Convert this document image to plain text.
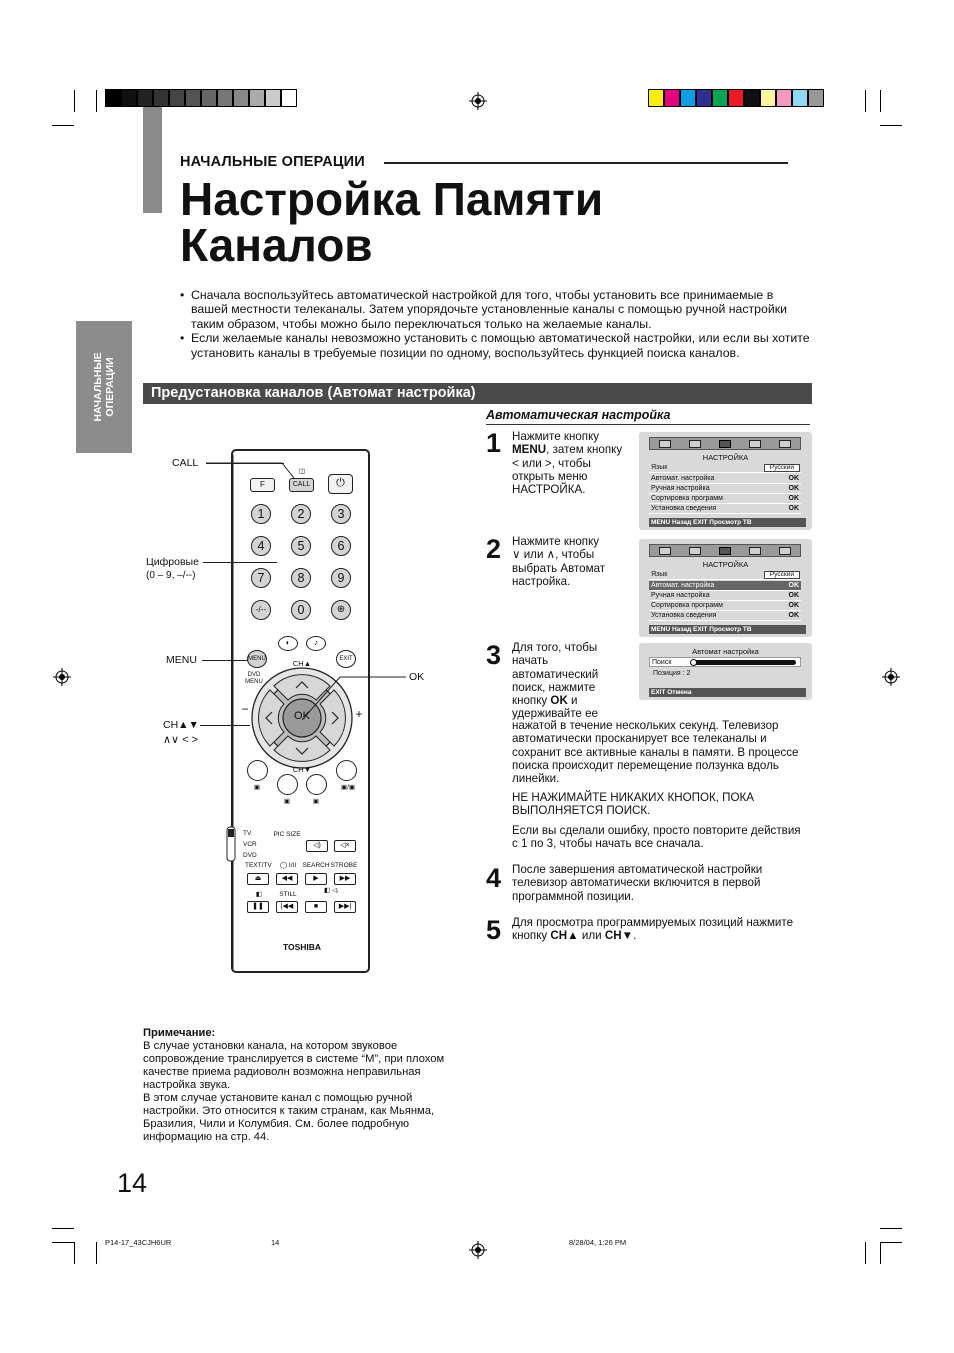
НАЧАЛЬНЫЕ ОПЕРАЦИИ
Настройка Памяти
Каналов
НАЧАЛЬНЫЕ ОПЕРАЦИИ
• Сначала воспользуйтесь автоматической настройкой для того, чтобы установить все принимаемые в вашей местности телеканалы. Затем упорядочьте установленные каналы с помощью ручной настройки таким образом, чтобы можно было переключаться только на желаемые каналы.
• Если желаемые каналы невозможно установить с помощью автоматической настройки, или если вы хотите установить каналы в требуемые позиции по одному, воспользуйтесь функцией поиска каналов.
Предустановка каналов (Автомат настройка)
Автоматическая настройка
1 Нажмите кнопку
MENU, затем кнопку
< или >, чтобы
открыть меню
НАСТРОЙКА.
2 Нажмите кнопку
∨ или ∧, чтобы
выбрать Автомат
настройка.
3 Для того, чтобы
начать
автоматический
поиск, нажмите
кнопку OK и
удерживайте ее
нажатой в течение нескольких секунд. Телевизор автоматически просканирует все телеканалы и сохранит все активные каналы в памяти. В процессе поиска происходит перемещение ползунка вдоль линейки.
НЕ НАЖИМАЙТЕ НИКАКИХ КНОПОК, ПОКА ВЫПОЛНЯЕТСЯ ПОИСК.
Если вы сделали ошибку, просто повторите действия с 1 по 3, чтобы начать все сначала.
4 После завершения автоматической настройки телевизор автоматически включится в первой программной позиции.
5 Для просмотра программируемых позиций нажмите кнопку CH▲ или CH▼.
НАСТРОЙКА
Язык	Русский
Автомат. настройка	OK
Ручная настройка	OK
Сортировка программ	OK
Установка сведения	OK
MENU Назад EXIT Просмотр ТВ
НАСТРОЙКА
Язык	Русский
Автомат. настройка	OK
Ручная настройка	OK
Сортировка программ	OK
Установка сведения	OK
MENU Назад EXIT Просмотр ТВ
Автомат настройка
Поиск
Позиция : 2
EXIT Отмена
◫
F	CALL	⏻
1	2	3
4	5	6
7	8	9
-/--	0	⊕
◐	♪
MENU	EXIT
CH▲
DVD MENU
OK
−	+
CH▼
▣
▣	▣
▣/▣
TV
VCR
DVD
PIC SIZE
◁)	◁×
TEXT/TV	◯ I/II SEARCH STROBE
⏏	◀◀	▶	▶▶
◧	STILL
◧ ◁ᵢ
❚❚	|◀◀	■	▶▶|
TOSHIBA
CALL
Цифровые
(0 – 9, –/--)
MENU
OK
CH▲▼
∧∨ < >
Примечание:
В случае установки канала, на котором звуковое сопровождение транслируется в системе “M”, при плохом качестве приема радиоволн возможна неправильная настройка звука.
В этом случае установите канал с помощью ручной настройки. Это относится к таким странам, как Мьянма, Бразилия, Чили и Колумбия. См. более подробную информацию на стр. 44.
14
P14-17_43CJH6UR	14	8/28/04, 1:26 PM
